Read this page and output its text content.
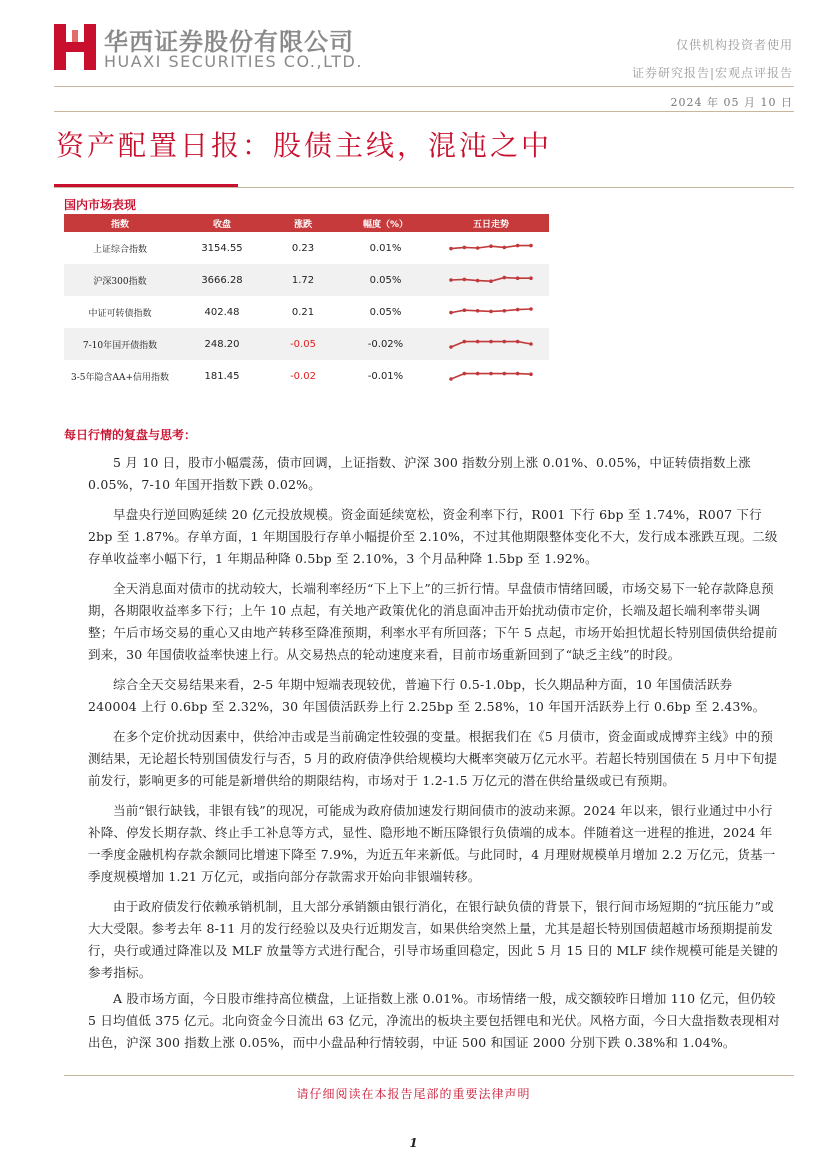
华西证券股份有限公司
HUAXI SECURITIES CO.,LTD.
仅供机构投资者使用
证券研究报告|宏观点评报告
2024 年 05 月 10 日
资产配置日报：股债主线，混沌之中
国内市场表现
指数	收盘	涨跌	幅度（%）	五日走势
上证综合指数	3154.55	0.23	0.01%	

沪深300指数	3666.28	1.72	0.05%	

中证可转债指数	402.48	0.21	0.05%	

7-10年国开债指数	248.20	-0.05	-0.02%	

3-5年隐含AA+信用指数	181.45	-0.02	-0.01%	
每日行情的复盘与思考：

5 月 10 日，股市小幅震荡，债市回调，上证指数、沪深 300 指数分别上涨 0.01%、0.05%，中证转债指数上涨 0.05%，7-10 年国开指数下跌 0.02%。

早盘央行逆回购延续 20 亿元投放规模。资金面延续宽松，资金利率下行，R001 下行 6bp 至 1.74%，R007 下行 2bp 至 1.87%。存单方面，1 年期国股行存单小幅提价至 2.10%，不过其他期限整体变化不大，发行成本涨跌互现。二级存单收益率小幅下行，1 年期品种降 0.5bp 至 2.10%，3 个月品种降 1.5bp 至 1.92%。

全天消息面对债市的扰动较大，长端利率经历“下上下上”的三折行情。早盘债市情绪回暖，市场交易下一轮存款降息预期，各期限收益率多下行；上午 10 点起，有关地产政策优化的消息面冲击开始扰动债市定价，长端及超长端利率带头调整；午后市场交易的重心又由地产转移至降准预期，利率水平有所回落；下午 5 点起，市场开始担忧超长特别国债供给提前到来，30 年国债收益率快速上行。从交易热点的轮动速度来看，目前市场重新回到了“缺乏主线”的时段。

综合全天交易结果来看，2-5 年期中短端表现较优，普遍下行 0.5-1.0bp，长久期品种方面，10 年国债活跃券 240004 上行 0.6bp 至 2.32%，30 年国债活跃券上行 2.25bp 至 2.58%，10 年国开活跃券上行 0.6bp 至 2.43%。

在多个定价扰动因素中，供给冲击或是当前确定性较强的变量。根据我们在《5 月债市，资金面或成博弈主线》中的预测结果，无论超长特别国债发行与否，5 月的政府债净供给规模均大概率突破万亿元水平。若超长特别国债在 5 月中下旬提前发行，影响更多的可能是新增供给的期限结构，市场对于 1.2-1.5 万亿元的潜在供给量级或已有预期。

当前“银行缺钱，非银有钱”的现况，可能成为政府债加速发行期间债市的波动来源。2024 年以来，银行业通过中小行补降、停发长期存款、终止手工补息等方式，显性、隐形地不断压降银行负债端的成本。伴随着这一进程的推进，2024 年一季度金融机构存款余额同比增速下降至 7.9%，为近五年来新低。与此同时，4 月理财规模单月增加 2.2 万亿元，货基一季度规模增加 1.21 万亿元，或指向部分存款需求开始向非银端转移。

由于政府债发行依赖承销机制，且大部分承销额由银行消化，在银行缺负债的背景下，银行间市场短期的“抗压能力”或大大受限。参考去年 8-11 月的发行经验以及央行近期发言，如果供给突然上量，尤其是超长特别国债超越市场预期提前发行，央行或通过降准以及 MLF 放量等方式进行配合，引导市场重回稳定，因此 5 月 15 日的 MLF 续作规模可能是关键的参考指标。

A 股市场方面，今日股市维持高位横盘，上证指数上涨 0.01%。市场情绪一般，成交额较昨日增加 110 亿元，但仍较 5 日均值低 375 亿元。北向资金今日流出 63 亿元，净流出的板块主要包括锂电和光伏。风格方面，今日大盘指数表现相对出色，沪深 300 指数上涨 0.05%，而中小盘品种行情较弱，中证 500 和国证 2000 分别下跌 0.38%和 1.04%。

请仔细阅读在本报告尾部的重要法律声明
1
